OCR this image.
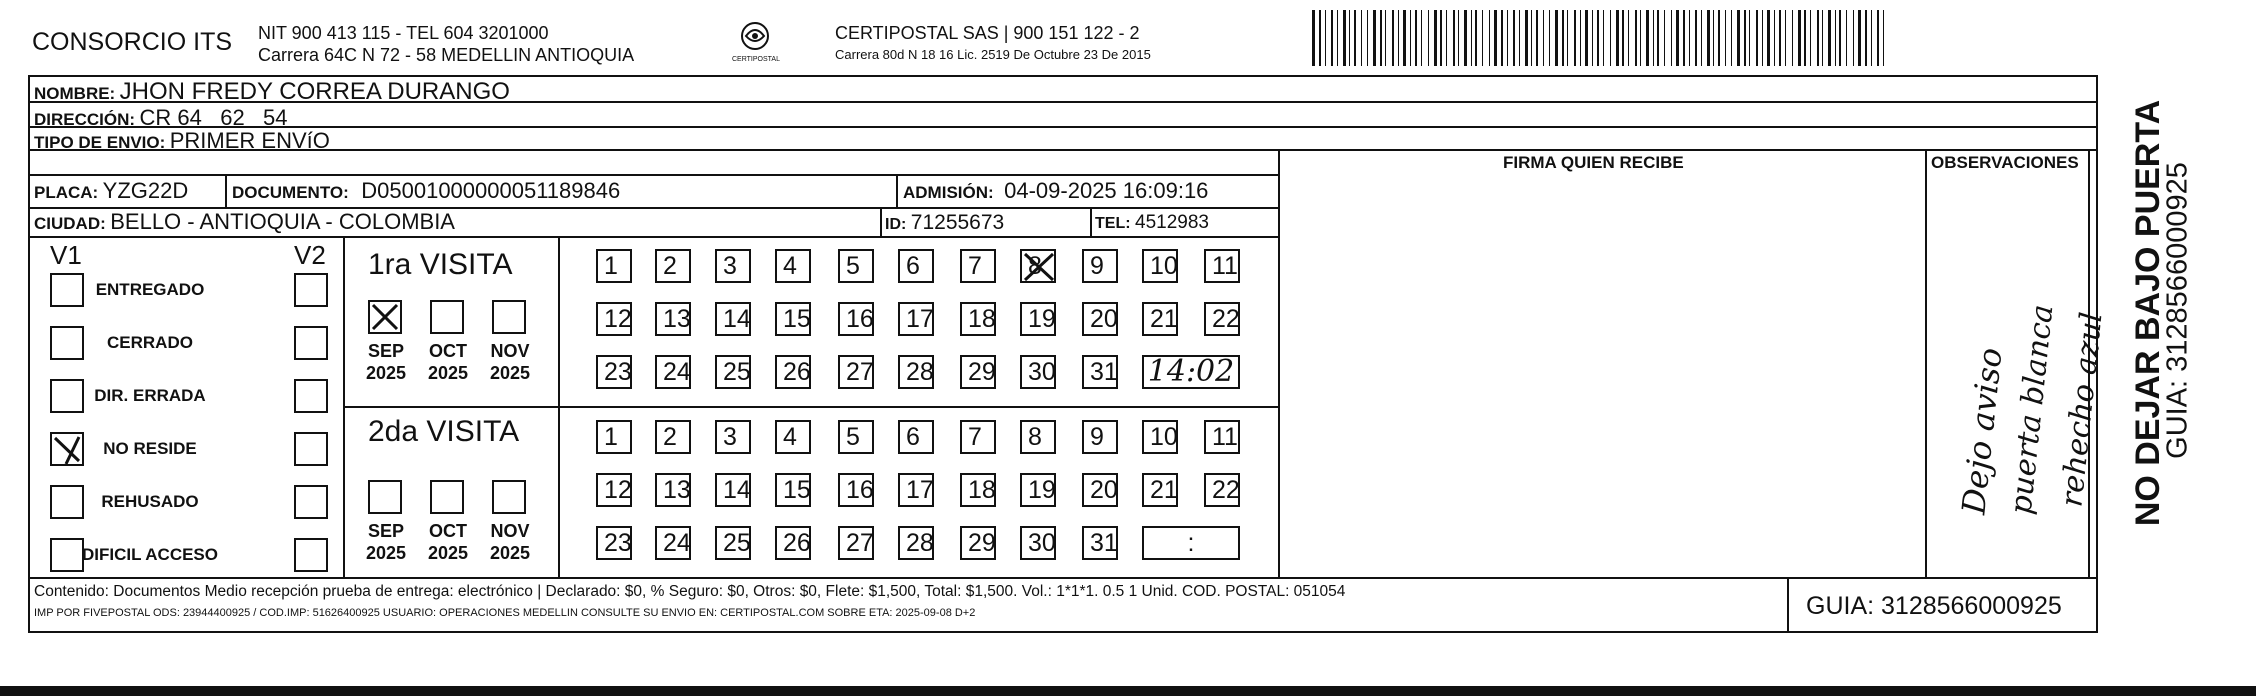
CONSORCIO ITS NIT 900 413 115 - TEL 604 3201000
Carrera 64C N 72 - 58 MEDELLIN ANTIOQUIA	CERTIPOSTAL
CERTIPOSTAL SAS | 900 151 122 - 2
Carrera 80d N 18 16 Lic. 2519 De Octubre 23 De 2015
NOMBRE: JHON FREDY CORREA DURANGO
DIRECCIÓN: CR 64   62   54
TIPO DE ENVIO: PRIMER ENVíO
FIRMA QUIEN RECIBE	OBSERVACIONES
PLACA: YZG22D	DOCUMENTO: D05001000000051189846	ADMISIÓN: 04-09-2025 16:09:16
CIUDAD: BELLO - ANTIOQUIA - COLOMBIA	ID: 71255673	TEL: 4512983
V1	V2
ENTREGADO
CERRADO
DIR. ERRADA
NO RESIDE
REHUSADO
DIFICIL ACCESO
1ra VISITA
SEP
2025
OCT
2025
NOV
2025
1	2	3	4	5	6	7	8	9	10	11
12	13	14	15	16	17	18	19	20	21	22
23	24	25	26	27	28	29	30	31 14:02
2da VISITA
SEP
2025
OCT
2025
NOV
2025
1	2	3	4	5	6	7	8	9	10	11
12	13	14	15	16	17	18	19	20	21	22
23	24	25	26	27	28	29	30	31	:
Dejo aviso
puerta blanca
rehecho azul
Contenido: Documentos Medio recepción prueba de entrega: electrónico | Declarado: $0, % Seguro: $0, Otros: $0, Flete: $1,500, Total: $1,500. Vol.: 1*1*1. 0.5 1 Unid. COD. POSTAL: 051054
IMP POR FIVEPOSTAL ODS: 23944400925 / COD.IMP: 51626400925 USUARIO: OPERACIONES MEDELLIN CONSULTE SU ENVIO EN: CERTIPOSTAL.COM SOBRE ETA: 2025-09-08 D+2	GUIA: 3128566000925
NO DEJAR BAJO PUERTA
GUIA: 3128566000925
